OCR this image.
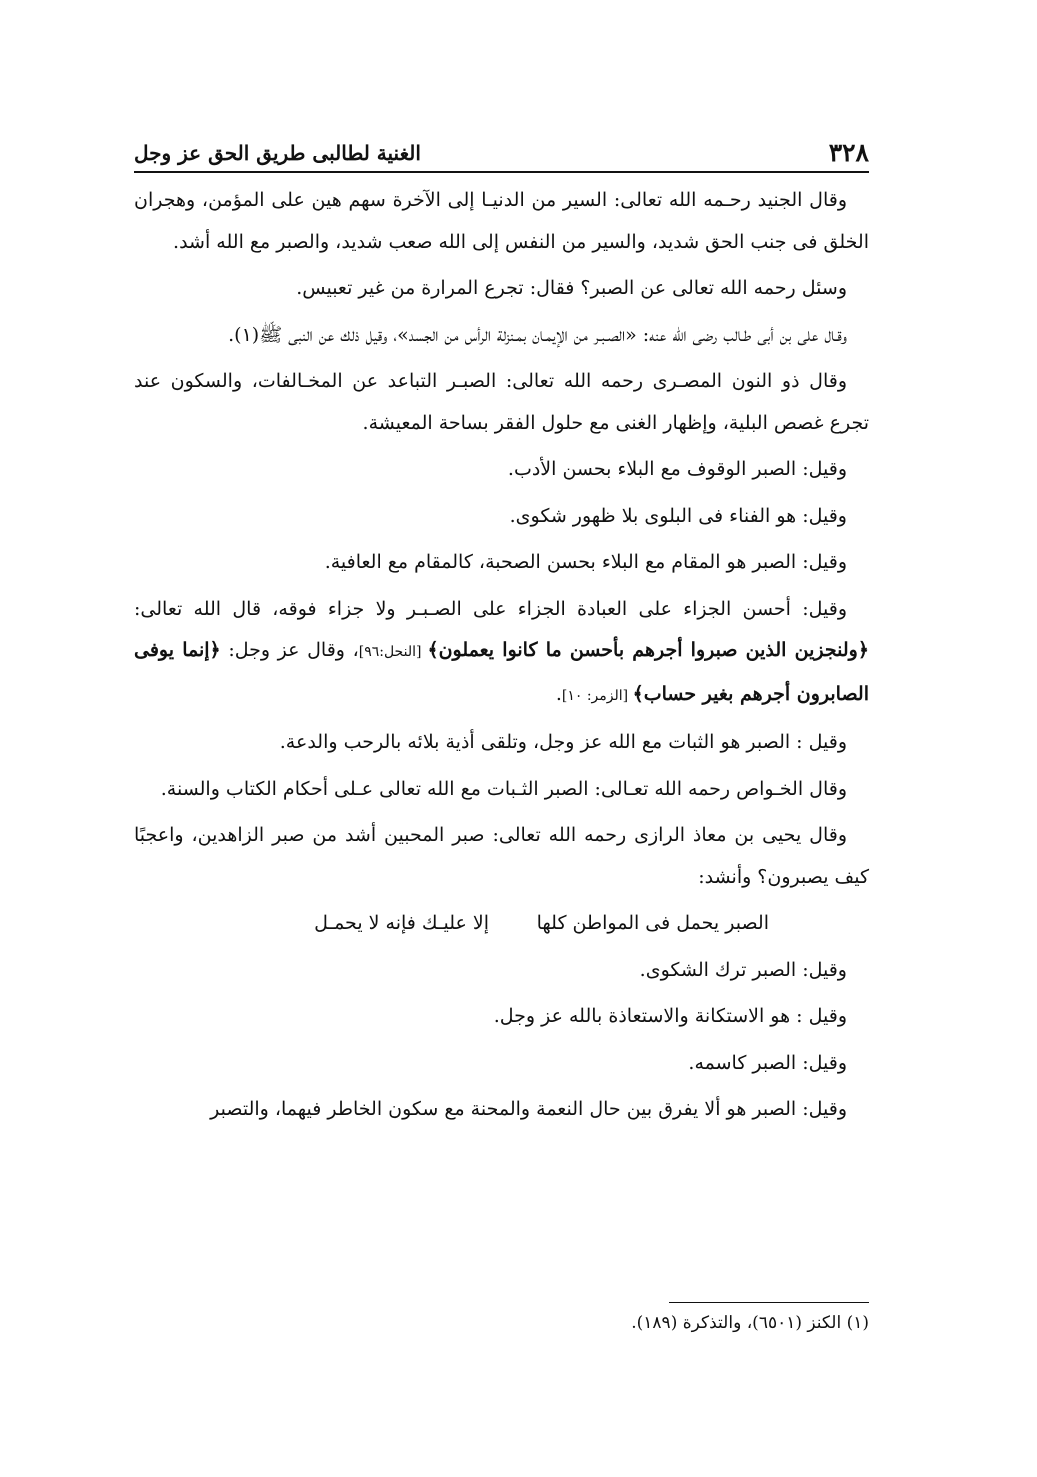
٣٢٨
الغنية لطالبى طريق الحق عز وجل

وقال الجنيد رحـمه الله تعالى: السير من الدنيـا إلى الآخرة سهم هين على المؤمن، وهجران الخلق فى جنب الحق شديد، والسير من النفس إلى الله صعب شديد، والصبر مع الله أشد.

وسئل رحمه الله تعالى عن الصبر؟ فقال: تجرع المرارة من غير تعبيس.

وقـال على بن أبى طـالب رضى الله عنه: «الصـبـر من الإيمـان بمـنزلة الرأس من الجسد»، وقيل ذلك عن النبى ﷺ(١).

وقال ذو النون المصـرى رحمه الله تعالى: الصبـر التباعد عن المخـالفات، والسكون عند تجرع غصص البلية، وإظهار الغنى مع حلول الفقر بساحة المعيشة.

وقيل: الصبر الوقوف مع البلاء بحسن الأدب.

وقيل: هو الفناء فى البلوى بلا ظهور شكوى.

وقيل: الصبر هو المقام مع البلاء بحسن الصحبة، كالمقام مع العافية.

وقيل: أحسن الجزاء على العبادة الجزاء على الصـبـر ولا جزاء فوقه، قال الله تعالى: ﴿ولنجزين الذين صبروا أجرهم بأحسن ما كانوا يعملون﴾ [النحل:٩٦]، وقال عز وجل: ﴿إنما يوفى الصابرون أجرهم بغير حساب﴾ [الزمر: ١٠].

وقيل : الصبر هو الثبات مع الله عز وجل، وتلقى أذية بلائه بالرحب والدعة.

وقال الخـواص رحمه الله تعـالى: الصبر الثـبات مع الله تعالى عـلى أحكام الكتاب والسنة.

وقال يحيى بن معاذ الرازى رحمه الله تعالى: صبر المحبين أشد من صبر الزاهدين، واعجبًا كيف يصبرون؟ وأنشد:

الصبر يحمل فى المواطن كلها
إلا عليـك فإنه لا يحمـل

وقيل: الصبر ترك الشكوى.

وقيل : هو الاستكانة والاستعاذة بالله عز وجل.

وقيل: الصبر كاسمه.

وقيل: الصبر هو ألا يفرق بين حال النعمة والمحنة مع سكون الخاطر فيهما، والتصبر

(١) الكنز (٦٥٠١)، والتذكرة (١٨٩).
